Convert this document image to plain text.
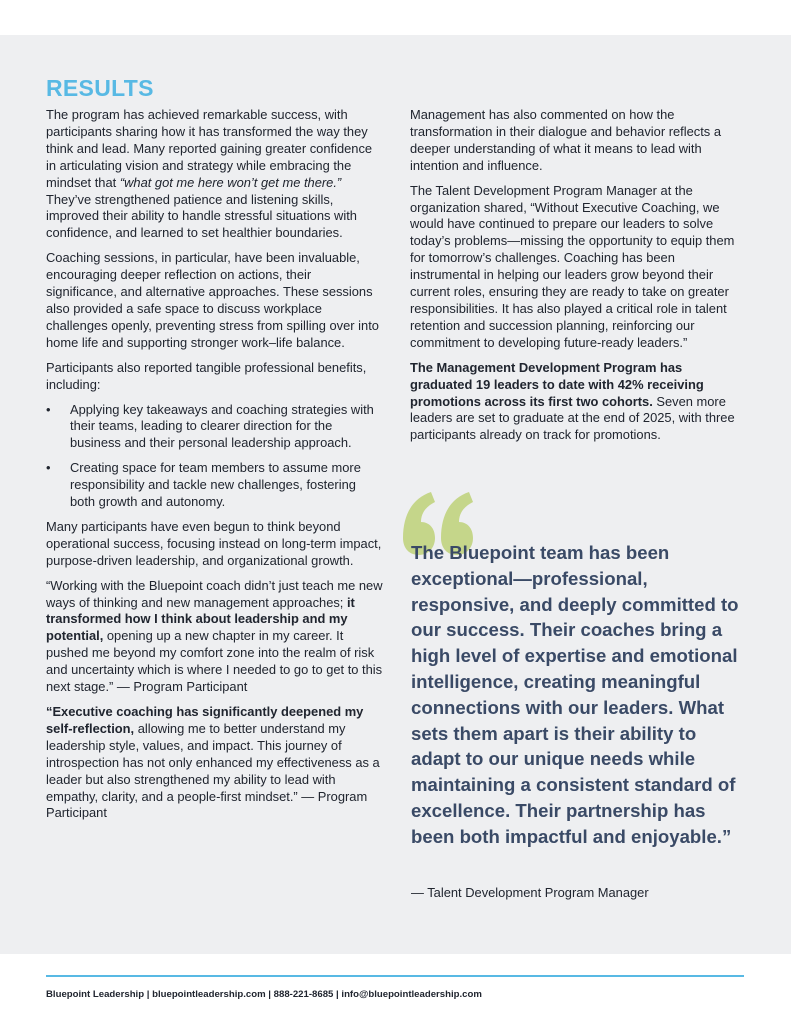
RESULTS

The program has achieved remarkable success, with participants sharing how it has transformed the way they think and lead. Many reported gaining greater confidence in articulating vision and strategy while embracing the mindset that “what got me here won’t get me there.” They’ve strengthened patience and listening skills, improved their ability to handle stressful situations with confidence, and learned to set healthier boundaries.

Coaching sessions, in particular, have been invaluable, encouraging deeper reflection on actions, their significance, and alternative approaches. These sessions also provided a safe space to discuss workplace challenges openly, preventing stress from spilling over into home life and supporting stronger work–life balance.

Participants also reported tangible professional benefits, including:

• Applying key takeaways and coaching strategies with their teams, leading to clearer direction for the business and their personal leadership approach.
• Creating space for team members to assume more responsibility and tackle new challenges, fostering both growth and autonomy.

Many participants have even begun to think beyond operational success, focusing instead on long-term impact, purpose-driven leadership, and organizational growth.

“Working with the Bluepoint coach didn’t just teach me new ways of thinking and new management approaches; it transformed how I think about leadership and my potential, opening up a new chapter in my career. It pushed me beyond my comfort zone into the realm of risk and uncertainty which is where I needed to go to get to this next stage.” — Program Participant

“Executive coaching has significantly deepened my self-reflection, allowing me to better understand my leadership style, values, and impact. This journey of introspection has not only enhanced my effectiveness as a leader but also strengthened my ability to lead with empathy, clarity, and a people-first mindset.” — Program Participant

Management has also commented on how the transformation in their dialogue and behavior reflects a deeper understanding of what it means to lead with intention and influence.

The Talent Development Program Manager at the organization shared, “Without Executive Coaching, we would have continued to prepare our leaders to solve today’s problems—missing the opportunity to equip them for tomorrow’s challenges. Coaching has been instrumental in helping our leaders grow beyond their current roles, ensuring they are ready to take on greater responsibilities. It has also played a critical role in talent retention and succession planning, reinforcing our commitment to developing future-ready leaders.”

The Management Development Program has graduated 19 leaders to date with 42% receiving promotions across its first two cohorts. Seven more leaders are set to graduate at the end of 2025, with three participants already on track for promotions.

The Bluepoint team has been exceptional—professional, responsive, and deeply committed to our success. Their coaches bring a high level of expertise and emotional intelligence, creating meaningful connections with our leaders. What sets them apart is their ability to adapt to our unique needs while maintaining a consistent standard of excellence. Their partnership has been both impactful and enjoyable.”
— Talent Development Program Manager
Bluepoint Leadership | bluepointleadership.com | 888-221-8685 | info@bluepointleadership.com
